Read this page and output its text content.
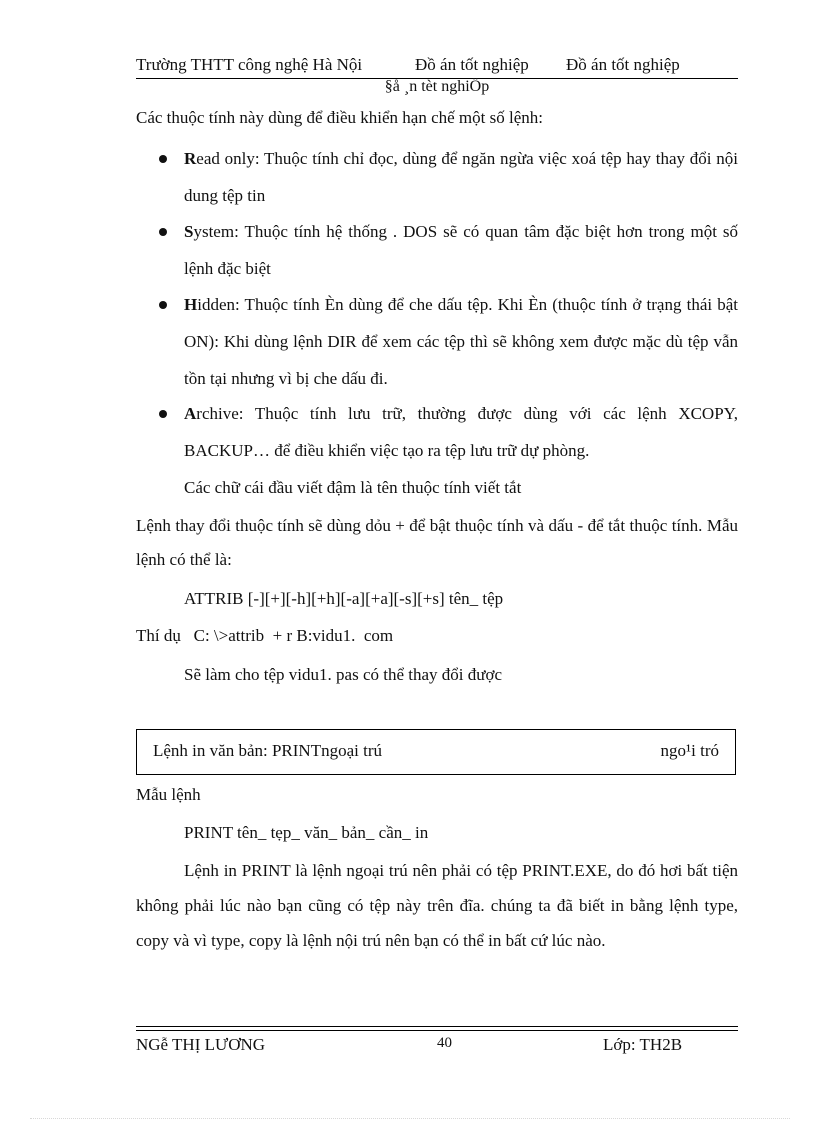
Trường THTT công nghệ Hà Nội	Đồ án tốt nghiệp Đồ án tốt nghiệp
§å ¸n tèt nghiÖp
Các thuộc tính này dùng để điều khiển hạn chế một số lệnh:
Read only: Thuộc tính chỉ đọc, dùng để ngăn ngừa việc xoá tệp hay thay đổi nội dung tệp tin
System: Thuộc tính hệ thống . DOS sẽ có quan tâm đặc biệt hơn trong một số lệnh đặc biệt
Hidden: Thuộc tính Èn dùng để che dấu tệp. Khi Èn (thuộc tính ở trạng thái bật ON): Khi dùng lệnh DIR để xem các tệp thì sẽ không xem được mặc dù tệp vẫn tồn tại nhưng vì bị che dấu đi.
Archive: Thuộc tính lưu trữ, thường được dùng với các lệnh XCOPY, BACKUP… để điều khiển việc tạo ra tệp lưu trữ dự phòng.
Các chữ cái đầu viết đậm là tên thuộc tính viết tắt
Lệnh thay đổi thuộc tính sẽ dùng dỏu + để bật thuộc tính và dấu - để tắt thuộc tính. Mẫu lệnh có thể là:
ATTRIB [-][+][-h][+h][-a][+a][-s][+s] tên_ tệp
Thí dụ   C: \>attrib  + r B:vidu1.  com
Sẽ làm cho tệp vidu1. pas có thể thay đổi được
Lệnh in văn bản: PRINTngoại trú	ngo¹i tró
Mẫu lệnh
PRINT tên_ tẹp_ văn_ bản_ cần_ in
Lệnh in PRINT là lệnh ngoại trú nên phải có tệp PRINT.EXE, do đó hơi bất tiện không phải lúc nào bạn cũng có tệp này trên đĩa. chúng ta đã biết in bằng lệnh type, copy và vì type, copy là lệnh nội trú nên bạn có thể in bất cứ lúc nào.
NGễ THỊ LƯƠNG	40	Lớp: TH2B
